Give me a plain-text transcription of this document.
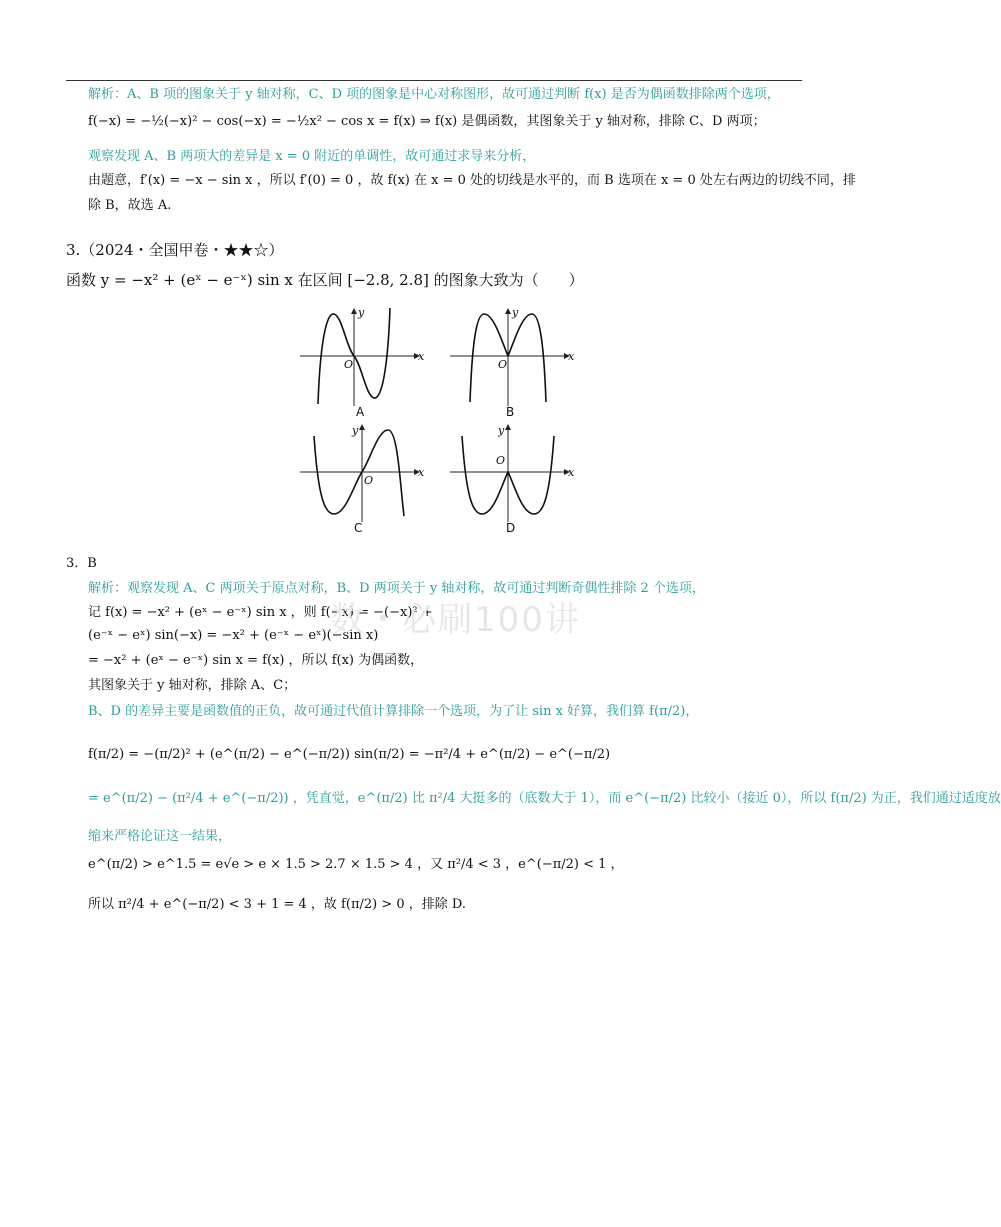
解析：A、B 项的图象关于 y 轴对称，C、D 项的图象是中心对称图形，故可通过判断 f(x) 是否为偶函数排除两个选项，
f(−x) = −½(−x)² − cos(−x) = −½x² − cos x = f(x) ⇒ f(x) 是偶函数，其图象关于 y 轴对称，排除 C、D 两项；
观察发现 A、B 两项大的差异是 x = 0 附近的单调性，故可通过求导来分析，
由题意，f′(x) = −x − sin x ，所以 f′(0) = 0 ，故 f(x) 在 x = 0 处的切线是水平的，而 B 选项在 x = 0 处左右两边的切线不同，排
除 B，故选 A.
3.（2024・全国甲卷・★★☆）
函数 y = −x² + (eˣ − e⁻ˣ) sin x 在区间 [−2.8, 2.8] 的图象大致为（　　）
x
y
O
A
x
y
O
B
x
y
O
C
x
y
O
D
3．B
解析：观察发现 A、C 两项关于原点对称，B、D 两项关于 y 轴对称，故可通过判断奇偶性排除 2 个选项，
记 f(x) = −x² + (eˣ − e⁻ˣ) sin x ，则 f(−x) = −(−x)² +
(e⁻ˣ − eˣ) sin(−x) = −x² + (e⁻ˣ − eˣ)(−sin x)
= −x² + (eˣ − e⁻ˣ) sin x = f(x) ，所以 f(x) 为偶函数，
其图象关于 y 轴对称，排除 A、C；
B、D 的差异主要是函数值的正负，故可通过代值计算排除一个选项，为了让 sin x 好算，我们算 f(π/2)，
f(π/2) = −(π/2)² + (e^(π/2) − e^(−π/2)) sin(π/2) = −π²/4 + e^(π/2) − e^(−π/2)
= e^(π/2) − (π²/4 + e^(−π/2)) ，凭直觉，e^(π/2) 比 π²/4 大挺多的（底数大于 1），而 e^(−π/2) 比较小（接近 0），所以 f(π/2) 为正，我们通过适度放
缩来严格论证这一结果，
e^(π/2) > e^1.5 = e√e > e × 1.5 > 2.7 × 1.5 > 4 ，又 π²/4 < 3 ，e^(−π/2) < 1 ，
所以 π²/4 + e^(−π/2) < 3 + 1 = 4 ，故 f(π/2) > 0 ，排除 D.
数・必刷100讲
